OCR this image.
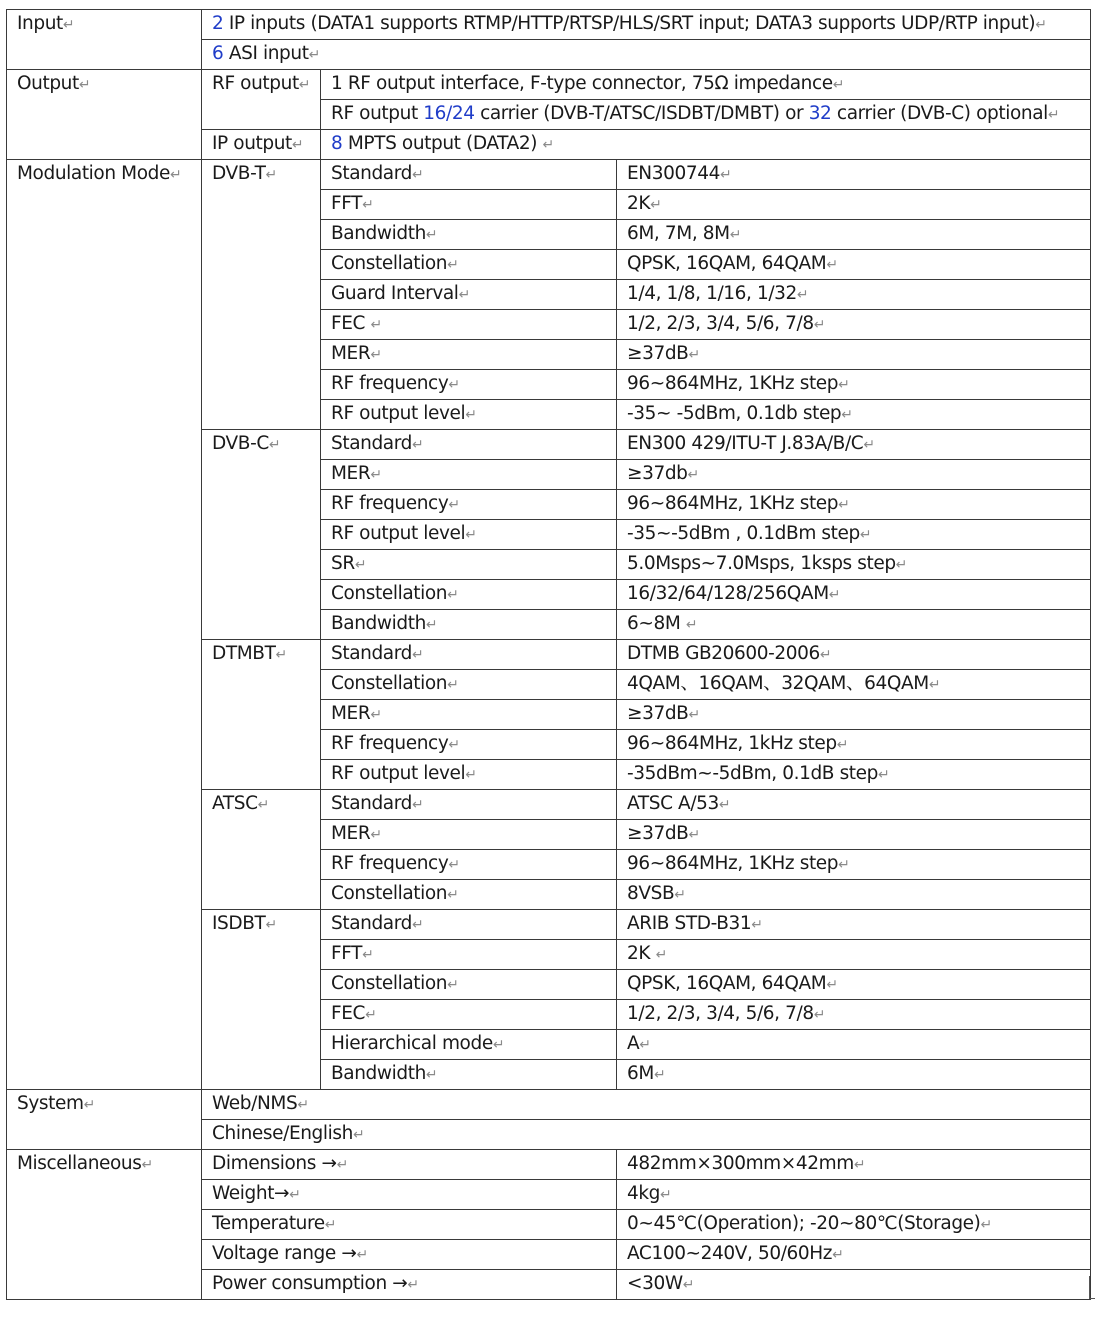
Input↵	2 IP inputs (DATA1 supports RTMP/HTTP/RTSP/HLS/SRT input; DATA3 supports UDP/RTP input)↵		
	6 ASI input↵		
Output↵	RF output↵	1 RF output interface, F-type connector, 75Ω impedance↵	
		RF output 16/24 carrier (DVB-T/ATSC/ISDBT/DMBT) or 32 carrier (DVB-C) optional↵	
	IP output↵	8 MPTS output (DATA2) ↵	
Modulation Mode↵	DVB-T↵	Standard↵	EN300744↵
		FFT↵	2K↵
		Bandwidth↵	6M, 7M, 8M↵
		Constellation↵	QPSK, 16QAM, 64QAM↵
		Guard Interval↵	1/4, 1/8, 1/16, 1/32↵
		FEC ↵	1/2, 2/3, 3/4, 5/6, 7/8↵
		MER↵	≥37dB↵
		RF frequency↵	96~864MHz, 1KHz step↵
		RF output level↵	-35~ -5dBm, 0.1db step↵
	DVB-C↵	Standard↵	EN300 429/ITU-T J.83A/B/C↵
		MER↵	≥37db↵
		RF frequency↵	96~864MHz, 1KHz step↵
		RF output level↵	-35~-5dBm , 0.1dBm step↵
		SR↵	5.0Msps~7.0Msps, 1ksps step↵
		Constellation↵	16/32/64/128/256QAM↵
		Bandwidth↵	6~8M ↵
	DTMBT↵	Standard↵	DTMB GB20600-2006↵
		Constellation↵	4QAM、16QAM、32QAM、64QAM↵
		MER↵	≥37dB↵
		RF frequency↵	96~864MHz, 1kHz step↵
		RF output level↵	-35dBm~-5dBm, 0.1dB step↵
	ATSC↵	Standard↵	ATSC A/53↵
		MER↵	≥37dB↵
		RF frequency↵	96~864MHz, 1KHz step↵
		Constellation↵	8VSB↵
	ISDBT↵	Standard↵	ARIB STD-B31↵
		FFT↵	2K ↵
		Constellation↵	QPSK, 16QAM, 64QAM↵
		FEC↵	1/2, 2/3, 3/4, 5/6, 7/8↵
		Hierarchical mode↵	A↵
		Bandwidth↵	6M↵
System↵	Web/NMS↵		
	Chinese/English↵		
Miscellaneous↵	Dimensions →↵		482mm×300mm×42mm↵
	Weight→↵		4kg↵
	Temperature↵		0~45℃(Operation); -20~80℃(Storage)↵
	Voltage range →↵		AC100~240V, 50/60Hz↵
	Power consumption →↵		<30W↵
